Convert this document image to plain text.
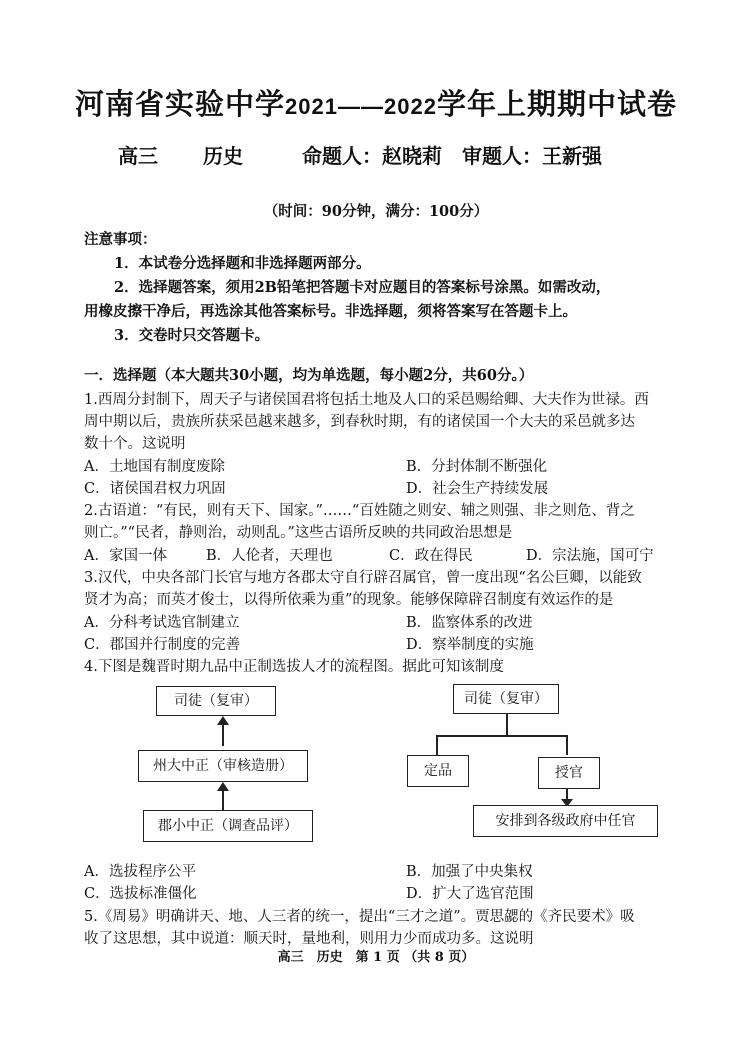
河南省实验中学2021——2022学年上期期中试卷
高三 历史	命题人：赵晓莉 审题人：王新强
（时间：90分钟，满分：100分）
注意事项：
1．本试卷分选择题和非选择题两部分。
2．选择题答案，须用2B铅笔把答题卡对应题目的答案标号涂黑。如需改动，
用橡皮擦干净后，再选涂其他答案标号。非选择题，须将答案写在答题卡上。
3．交卷时只交答题卡。
一．选择题（本大题共30小题，均为单选题，每小题2分，共60分。）
1.西周分封制下，周天子与诸侯国君将包括土地及人口的采邑赐给卿、大夫作为世禄。西
周中期以后，贵族所获采邑越来越多，到春秋时期，有的诸侯国一个大夫的采邑就多达
数十个。这说明
A．土地国有制度废除	B．分封体制不断强化
C．诸侯国君权力巩固	D．社会生产持续发展
2.古语道：“有民，则有天下、国家。”……“百姓随之则安、辅之则强、非之则危、背之
则亡。”“民者，静则治，动则乱。”这些古语所反映的共同政治思想是
A．家国一体	B．人伦者，天理也	C．政在得民	D．宗法施，国可宁
3.汉代，中央各部门长官与地方各郡太守自行辟召属官，曾一度出现“名公巨卿，以能致
贤才为高；而英才俊士，以得所依乘为重”的现象。能够保障辟召制度有效运作的是
A．分科考试选官制建立	B．监察体系的改进
C．郡国并行制度的完善	D．察举制度的实施
4.下图是魏晋时期九品中正制选拔人才的流程图。据此可知该制度
司徒（复审）
州大中正（审核造册）
郡小中正（调查品评）
司徒（复审）
定品	授官
安排到各级政府中任官
A．选拔程序公平	B．加强了中央集权
C．选拔标准僵化	D．扩大了选官范围
5.《周易》明确讲天、地、人三者的统一，提出“三才之道”。贾思勰的《齐民要术》吸
收了这思想，其中说道：顺天时，量地利，则用力少而成功多。这说明
高三　历史　第 1 页 （共 8 页）
